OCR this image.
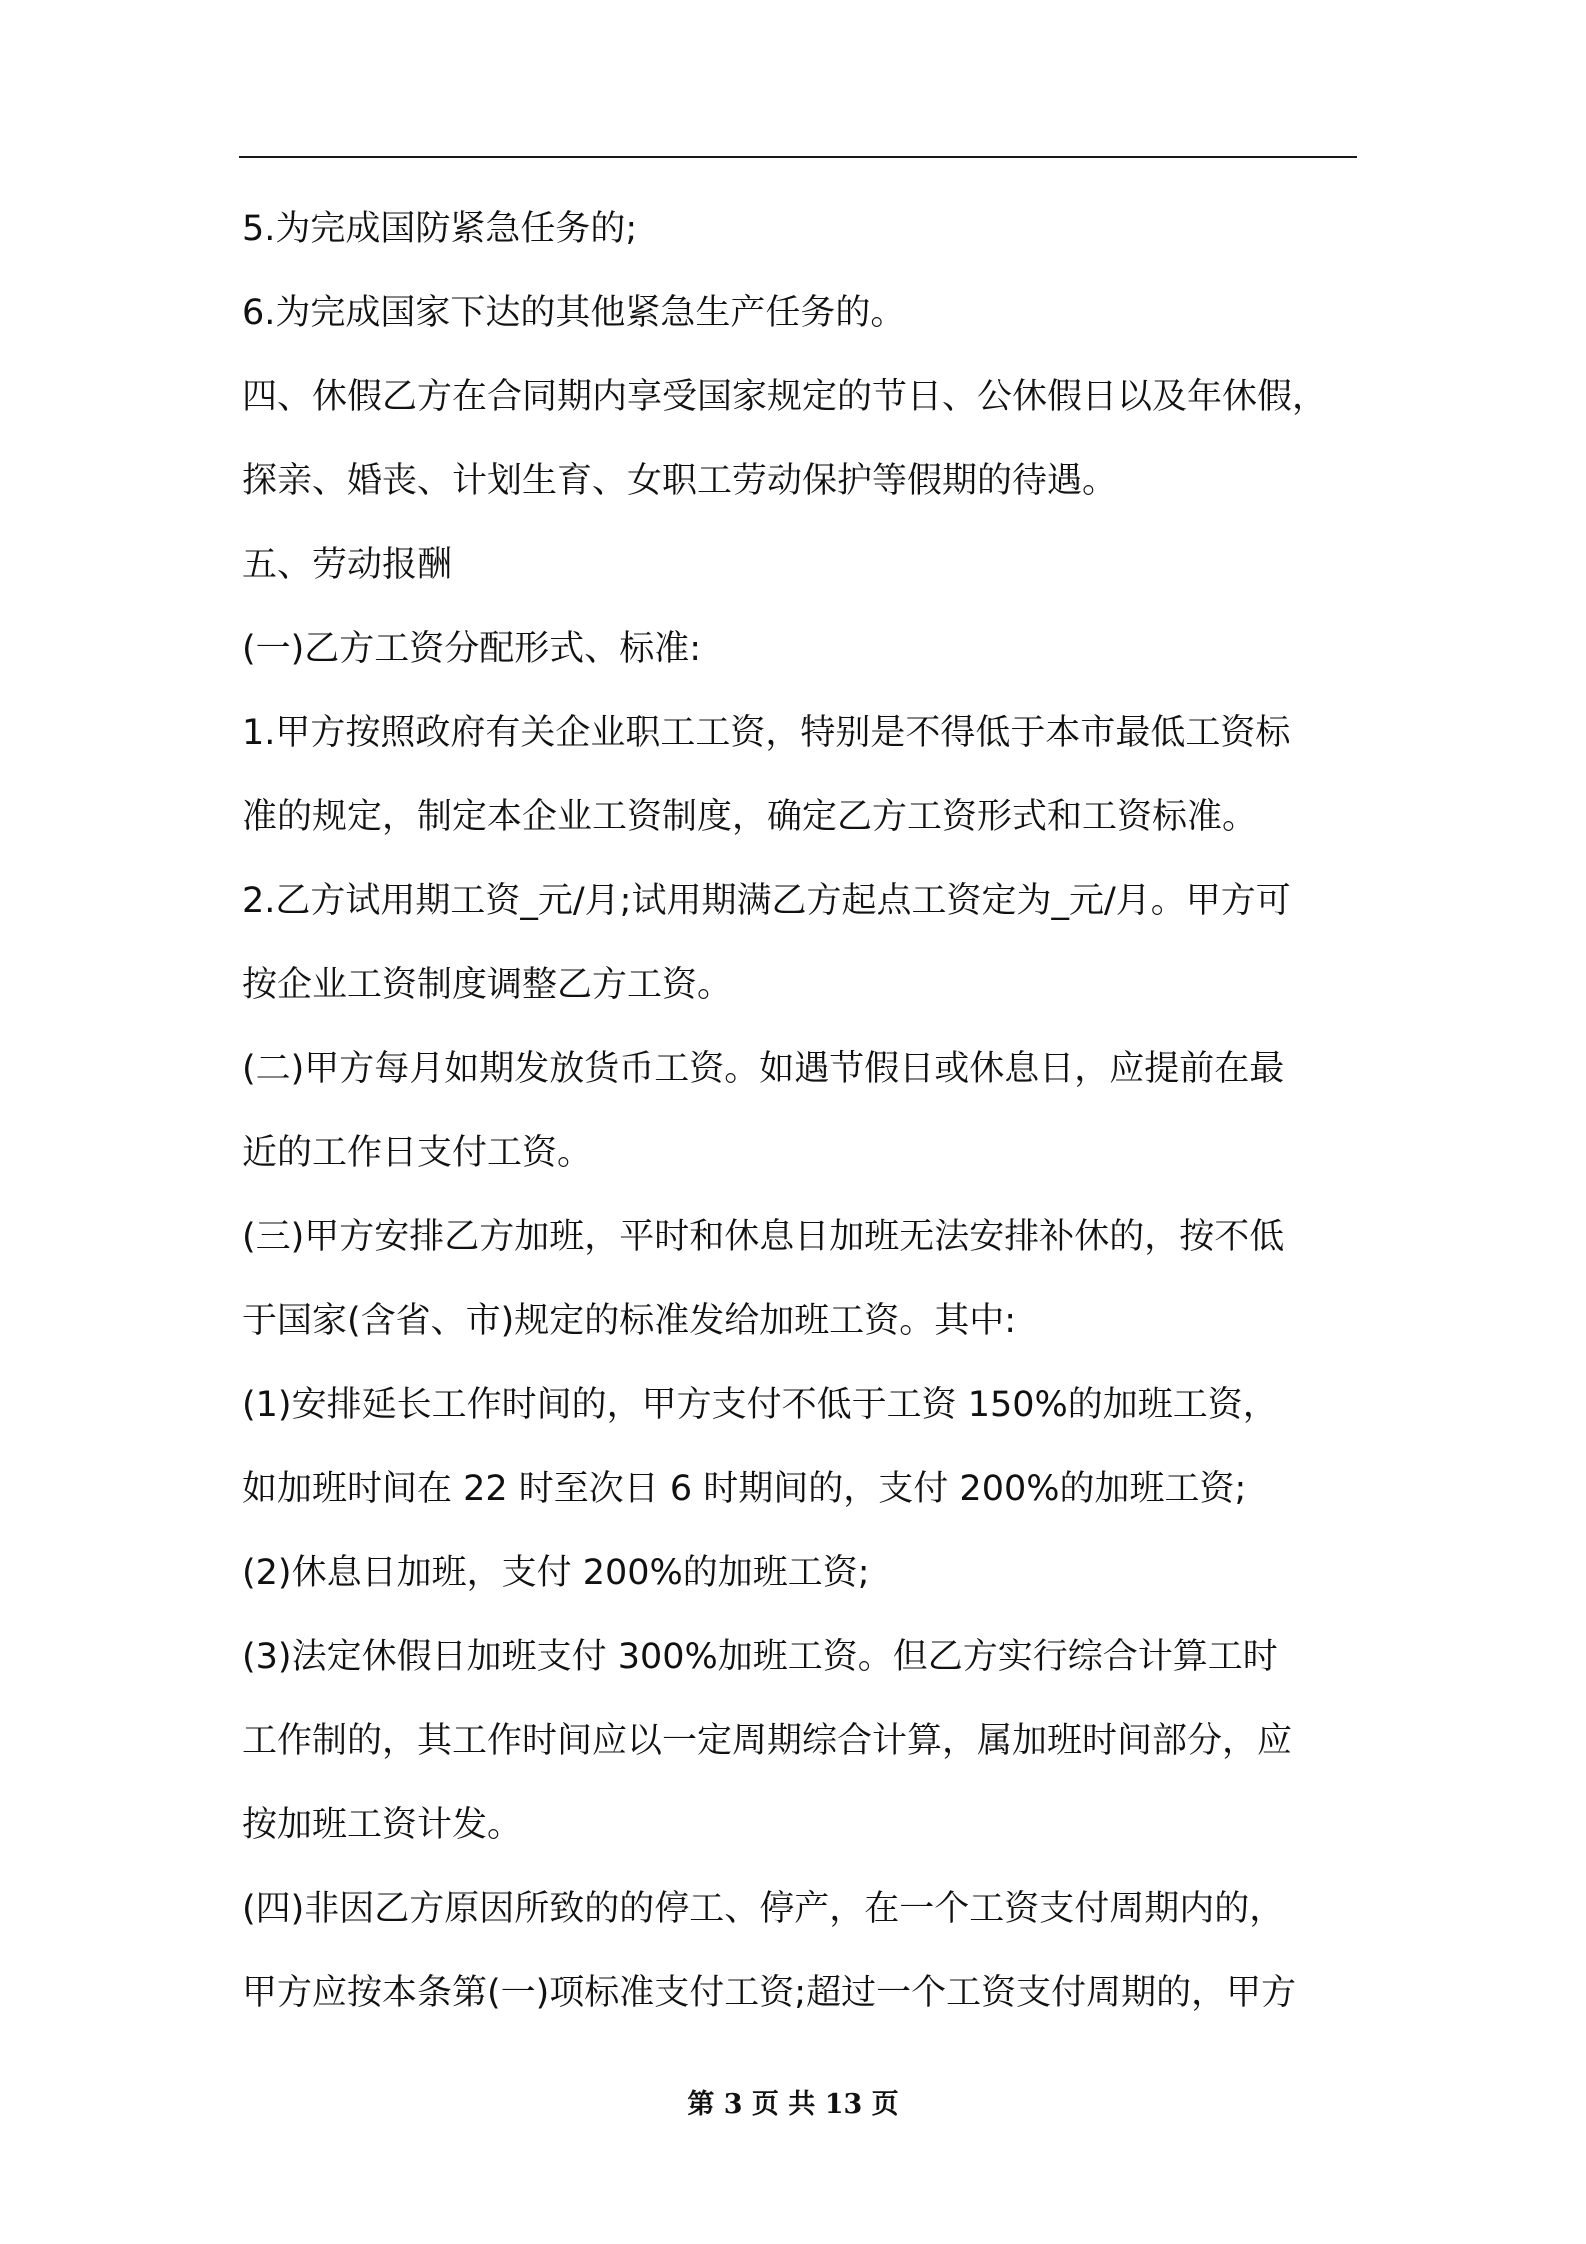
5.为完成国防紧急任务的;
6.为完成国家下达的其他紧急生产任务的。
四、休假乙方在合同期内享受国家规定的节日、公休假日以及年休假，
探亲、婚丧、计划生育、女职工劳动保护等假期的待遇。
五、劳动报酬
(一)乙方工资分配形式、标准:
1.甲方按照政府有关企业职工工资，特别是不得低于本市最低工资标
准的规定，制定本企业工资制度，确定乙方工资形式和工资标准。
2.乙方试用期工资_元/月;试用期满乙方起点工资定为_元/月。甲方可
按企业工资制度调整乙方工资。
(二)甲方每月如期发放货币工资。如遇节假日或休息日，应提前在最
近的工作日支付工资。
(三)甲方安排乙方加班，平时和休息日加班无法安排补休的，按不低
于国家(含省、市)规定的标准发给加班工资。其中:
(1)安排延长工作时间的，甲方支付不低于工资 150%的加班工资，
如加班时间在 22 时至次日 6 时期间的，支付 200%的加班工资;
(2)休息日加班，支付 200%的加班工资;
(3)法定休假日加班支付 300%加班工资。但乙方实行综合计算工时
工作制的，其工作时间应以一定周期综合计算，属加班时间部分，应
按加班工资计发。
(四)非因乙方原因所致的的停工、停产，在一个工资支付周期内的，
甲方应按本条第(一)项标准支付工资;超过一个工资支付周期的，甲方
第 3 页 共 13 页
